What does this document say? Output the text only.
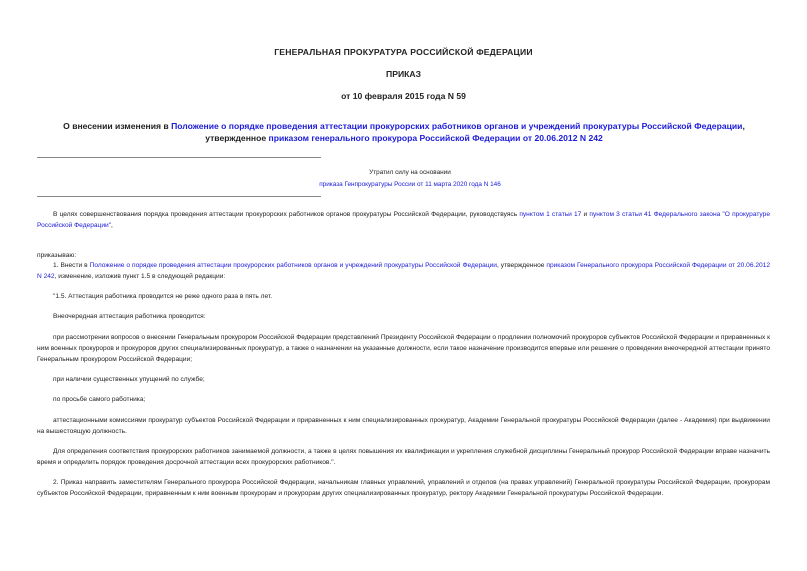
ГЕНЕРАЛЬНАЯ ПРОКУРАТУРА РОССИЙСКОЙ ФЕДЕРАЦИИ

ПРИКАЗ

от 10 февраля 2015 года N 59

О внесении изменения в Положение о порядке проведения аттестации прокурорских работников органов и учреждений прокуратуры Российской Федерации, утвержденное приказом генерального прокурора Российской Федерации от 20.06.2012 N 242

Утратил силу на основании

приказа Генпрокуратуры России от 11 марта 2020 года N 146

В целях совершенствования порядка проведения аттестации прокурорских работников органов прокуратуры Российской Федерации, руководствуясь пунктом 1 статьи 17 и пунктом 3 статьи 41 Федерального закона "О прокуратуре Российской Федерации",

приказываю:

1. Внести в Положение о порядке проведения аттестации прокурорских работников органов и учреждений прокуратуры Российской Федерации, утвержденное приказом Генерального прокурора Российской Федерации от 20.06.2012 N 242, изменение, изложив пункт 1.5 в следующей редакции:

"1.5. Аттестация работника проводится не реже одного раза в пять лет.

Внеочередная аттестация работника проводится:

при рассмотрении вопросов о внесении Генеральным прокурором Российской Федерации представлений Президенту Российской Федерации о продлении полномочий прокуроров субъектов Российской Федерации и приравненных к ним военных прокуроров и прокуроров других специализированных прокуратур, а также о назначении на указанные должности, если такое назначение производится впервые или решение о проведении внеочередной аттестации принято Генеральным прокурором Российской Федерации;

при наличии существенных упущений по службе;

по просьбе самого работника;

аттестационными комиссиями прокуратур субъектов Российской Федерации и приравненных к ним специализированных прокуратур, Академии Генеральной прокуратуры Российской Федерации (далее - Академия) при выдвижении на вышестоящую должность.

Для определения соответствия прокурорских работников занимаемой должности, а также в целях повышения их квалификации и укрепления служебной дисциплины Генеральный прокурор Российской Федерации вправе назначить время и определить порядок проведения досрочной аттестации всех прокурорских работников.".

2. Приказ направить заместителям Генерального прокурора Российской Федерации, начальникам главных управлений, управлений и отделов (на правах управлений) Генеральной прокуратуры Российской Федерации, прокурорам субъектов Российской Федерации, приравненным к ним военным прокурорам и прокурорам других специализированных прокуратур, ректору Академии Генеральной прокуратуры Российской Федерации.
